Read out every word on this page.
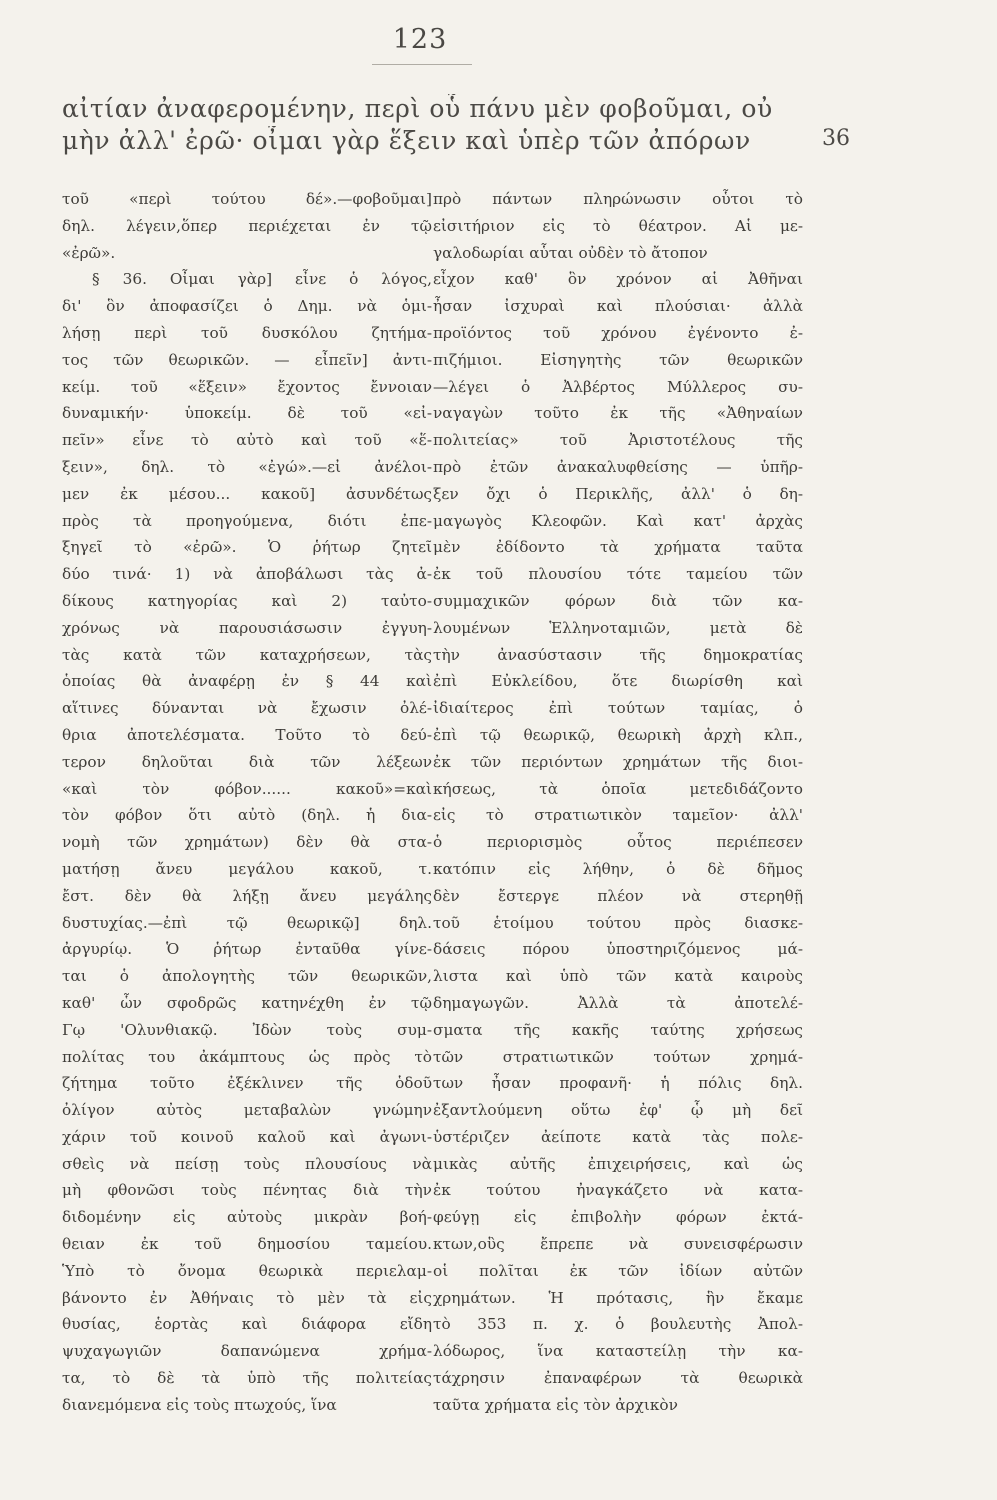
123

αἰτίαν ἀναφερομένην, περὶ οὗ πάνυ μὲν φοβοῦμαι, οὐ

μὴν ἀλλ' ἐρῶ· οἶμαι γὰρ ἕξειν καὶ ὑπὲρ τῶν ἀπόρων	36

τοῦ «περὶ τούτου δέ».—φοβοῦμαι]

δηλ. λέγειν,ὅπερ περιέχεται ἐν τῷ

«ἐρῶ».

§ 36. Οἶμαι γὰρ] εἶνε ὁ λόγος,

δι' ὃν ἀποφασίζει ὁ Δημ. νὰ ὁμι-

λήσῃ περὶ τοῦ δυσκόλου ζητήμα-

τος τῶν θεωρικῶν. — εἶπεῖν] ἀντι-

κείμ. τοῦ «ἕξειν» ἔχοντος ἔννοιαν

δυναμικήν· ὑποκείμ. δὲ τοῦ «εἰ-

πεῖν» εἶνε τὸ αὐτὸ καὶ τοῦ «ἕ-

ξειν», δηλ. τὸ «ἐγώ».—εἰ ἀνέλοι-

μεν ἐκ μέσου... κακοῦ] ἀσυνδέτως

πρὸς τὰ προηγούμενα, διότι ἐπε-

ξηγεῖ τὸ «ἐρῶ». Ὁ ῥήτωρ ζητεῖ

δύο τινά· 1) νὰ ἀποβάλωσι τὰς ἀ-

δίκους κατηγορίας καὶ 2) ταὐτο-

χρόνως νὰ παρουσιάσωσιν ἐγγυη-

τὰς κατὰ τῶν καταχρήσεων, τὰς

ὁποίας θὰ ἀναφέρῃ ἐν § 44 καὶ

αἵτινες δύνανται νὰ ἔχωσιν ὀλέ-

θρια ἀποτελέσματα. Τοῦτο τὸ δεύ-

τερον δηλοῦται διὰ τῶν λέξεων

«καὶ τὸν φόβον...... κακοῦ»=καὶ

τὸν φόβον ὅτι αὐτὸ (δηλ. ἡ δια-

νομὴ τῶν χρημάτων) δὲν θὰ στα-

ματήσῃ ἄνευ μεγάλου κακοῦ, τ.

ἔστ. δὲν θὰ λήξῃ ἄνευ μεγάλης

δυστυχίας.—ἐπὶ τῷ θεωρικῷ] δηλ.

ἀργυρίῳ. Ὁ ῥήτωρ ἐνταῦθα γίνε-

ται ὁ ἀπολογητὴς τῶν θεωρικῶν,

καθ' ὧν σφοδρῶς κατηνέχθη ἐν τῷ

Γῳ 'Ολυνθιακῷ. Ἰδὼν τοὺς συμ-

πολίτας του ἀκάμπτους ὡς πρὸς τὸ

ζήτημα τοῦτο ἐξέκλινεν τῆς ὁδοῦ

ὀλίγον αὐτὸς μεταβαλὼν γνώμην

χάριν τοῦ κοινοῦ καλοῦ καὶ ἀγωνι-

σθεὶς νὰ πείσῃ τοὺς πλουσίους νὰ

μὴ φθονῶσι τοὺς πένητας διὰ τὴν

διδομένην εἰς αὐτοὺς μικρὰν βοή-

θειαν ἐκ τοῦ δημοσίου ταμείου.

Ὑπὸ τὸ ὄνομα θεωρικὰ περιελαμ-

βάνοντο ἐν Ἀθήναις τὸ μὲν τὰ εἰς

θυσίας, ἑορτὰς καὶ διάφορα εἴδη

ψυχαγωγιῶν δαπανώμενα χρήμα-

τα, τὸ δὲ τὰ ὑπὸ τῆς πολιτείας

διανεμόμενα εἰς τοὺς πτωχούς, ἵνα

πρὸ πάντων πληρώνωσιν οὗτοι τὸ

εἰσιτήριον εἰς τὸ θέατρον. Αἱ με-

γαλοδωρίαι αὗται οὐδὲν τὸ ἄτοπον

εἶχον καθ' ὃν χρόνον αἱ Ἀθῆναι

ἦσαν ἰσχυραὶ καὶ πλούσιαι· ἀλλὰ

προϊόντος τοῦ χρόνου ἐγένοντο ἐ-

πιζήμιοι. Εἰσηγητὴς τῶν θεωρικῶν

—λέγει ὁ Ἀλβέρτος Μύλλερος συ-

ναγαγὼν τοῦτο ἐκ τῆς «Ἀθηναίων

πολιτείας» τοῦ Ἀριστοτέλους τῆς

πρὸ ἐτῶν ἀνακαλυφθείσης — ὑπῆρ-

ξεν ὄχι ὁ Περικλῆς, ἀλλ' ὁ δη-

μαγωγὸς Κλεοφῶν. Καὶ κατ' ἀρχὰς

μὲν ἐδίδοντο τὰ χρήματα ταῦτα

ἐκ τοῦ πλουσίου τότε ταμείου τῶν

συμμαχικῶν φόρων διὰ τῶν κα-

λουμένων Ἑλληνοταμιῶν, μετὰ δὲ

τὴν ἀνασύστασιν τῆς δημοκρατίας

ἐπὶ Εὐκλείδου, ὅτε διωρίσθη καὶ

ἰδιαίτερος ἐπὶ τούτων ταμίας, ὁ

ἐπὶ τῷ θεωρικῷ, θεωρικὴ ἀρχὴ κλπ.,

ἐκ τῶν περιόντων χρημάτων τῆς διοι-

κήσεως, τὰ ὁποῖα μετεδιδάζοντο

εἰς τὸ στρατιωτικὸν ταμεῖον· ἀλλ'

ὁ περιορισμὸς οὗτος περιέπεσεν

κατόπιν εἰς λήθην, ὁ δὲ δῆμος

δὲν ἔστεργε πλέον νὰ στερηθῇ

τοῦ ἑτοίμου τούτου πρὸς διασκε-

δάσεις πόρου ὑποστηριζόμενος μά-

λιστα καὶ ὑπὸ τῶν κατὰ καιροὺς

δημαγωγῶν. Ἀλλὰ τὰ ἀποτελέ-

σματα τῆς κακῆς ταύτης χρήσεως

τῶν στρατιωτικῶν τούτων χρημά-

των ἦσαν προφανῆ· ἡ πόλις δηλ.

ἐξαντλούμενη οὕτω ἐφ' ᾧ μὴ δεῖ

ὑστέριζεν ἀείποτε κατὰ τὰς πολε-

μικὰς αὐτῆς ἐπιχειρήσεις, καὶ ὡς

ἐκ τούτου ἠναγκάζετο νὰ κατα-

φεύγῃ εἰς ἐπιβολὴν φόρων ἐκτά-

κτων,οὓς ἔπρεπε νὰ συνεισφέρωσιν

οἱ πολῖται ἐκ τῶν ἰδίων αὐτῶν

χρημάτων. Ἡ πρότασις, ἣν ἔκαμε

τὸ 353 π. χ. ὁ βουλευτὴς Ἀπολ-

λόδωρος, ἵνα καταστείλῃ τὴν κα-

τάχρησιν ἐπαναφέρων τὰ θεωρικὰ

ταῦτα χρήματα εἰς τὸν ἀρχικὸν
